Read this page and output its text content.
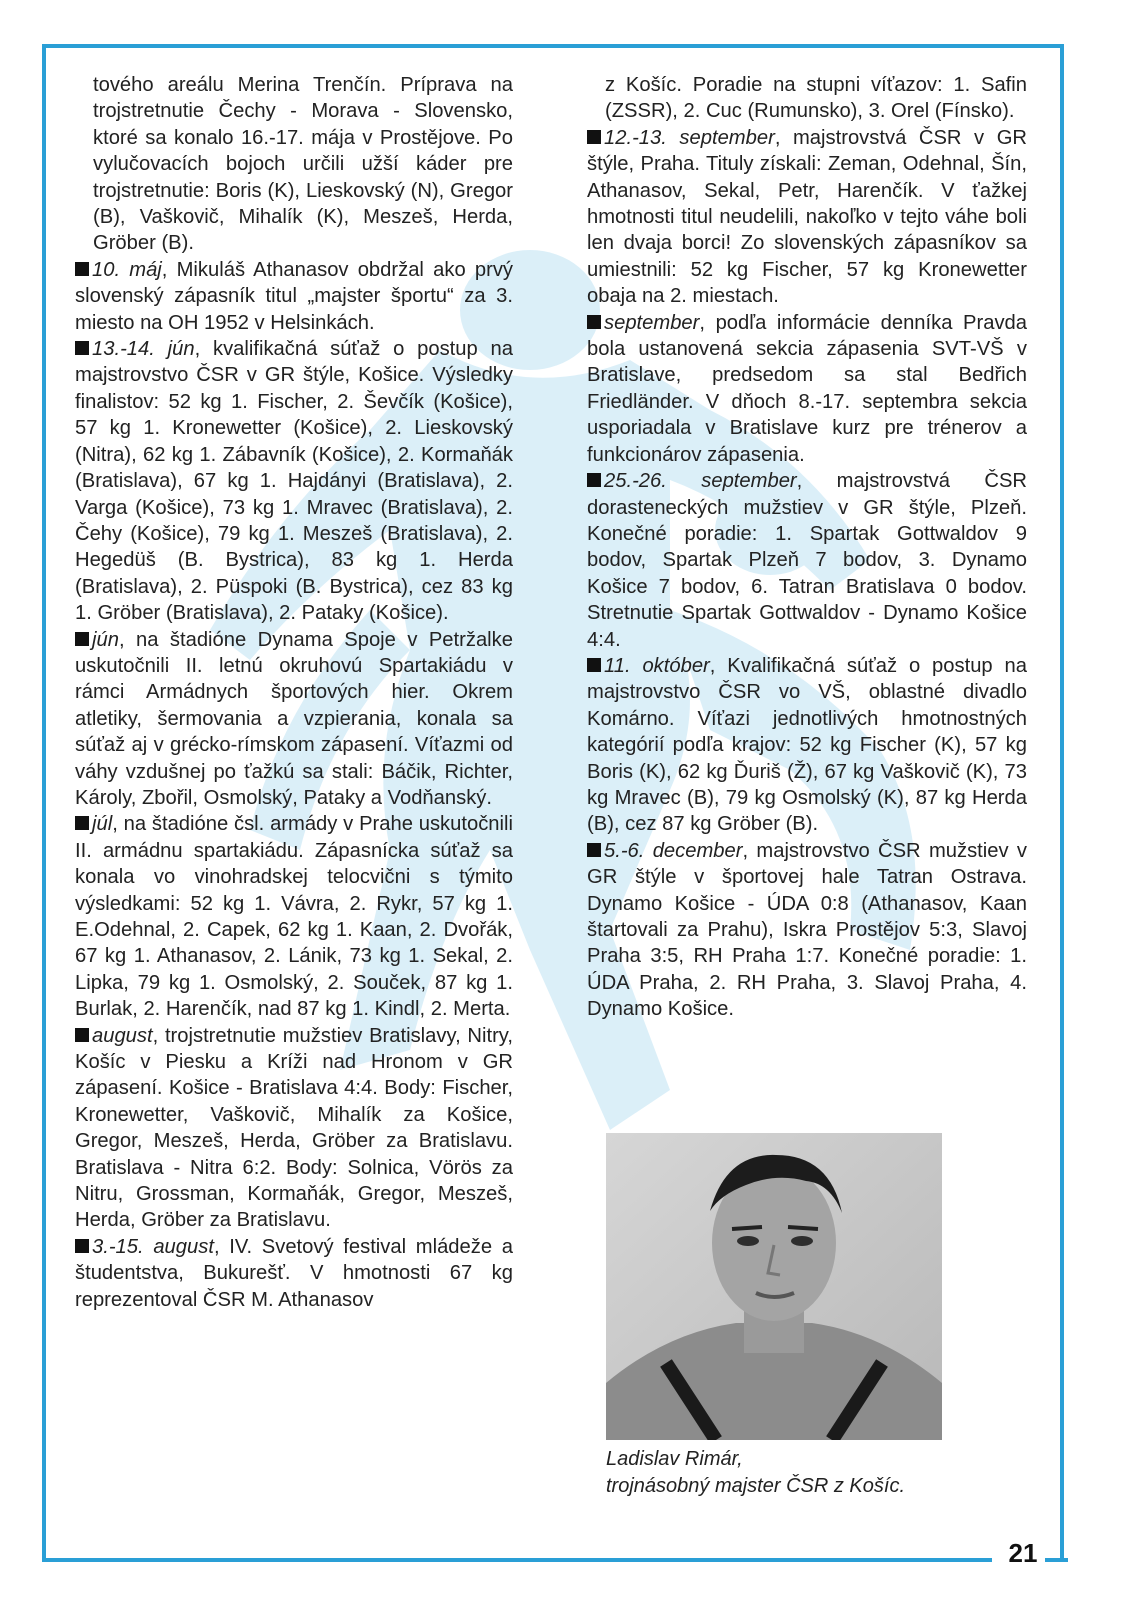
21

tového areálu Merina Trenčín. Príprava na trojstretnutie Čechy - Morava - Slovensko, ktoré sa konalo 16.-17. mája v Prostějove. Po vylučovacích bojoch určili užší káder pre trojstretnutie: Boris (K), Lieskovský (N), Gregor (B), Vaškovič, Mihalík (K), Meszeš, Herda, Gröber (B).

10. máj, Mikuláš Athanasov obdržal ako prvý slovenský zápasník titul „majster športu“ za 3. miesto na OH 1952 v Helsinkách.

13.-14. jún, kvalifikačná súťaž o postup na majstrovstvo ČSR v GR štýle, Košice. Výsledky finalistov: 52 kg 1. Fischer, 2. Ševčík (Košice), 57 kg 1. Kronewetter (Košice), 2. Lieskovský (Nitra), 62 kg 1. Zábavník (Košice), 2. Kormaňák (Bratislava), 67 kg 1. Hajdányi (Bratislava), 2. Varga (Košice), 73 kg 1. Mravec (Bratislava), 2. Čehy (Košice), 79 kg 1. Meszeš (Bratislava), 2. Hegedüš (B. Bystrica), 83 kg 1. Herda (Bratislava), 2. Püspoki (B. Bystrica), cez 83 kg 1. Gröber (Bratislava), 2. Pataky (Košice).

jún, na štadióne Dynama Spoje v Petržalke uskutočnili II. letnú okruhovú Spartakiádu v rámci Armádnych športových hier. Okrem atletiky, šermovania a vzpierania, konala sa súťaž aj v grécko-rímskom zápasení. Víťazmi od váhy vzdušnej po ťažkú sa stali: Báčik, Richter, Károly, Zbořil, Osmolský, Pataky a Vodňanský.

júl, na štadióne čsl. armády v Prahe uskutočnili II. armádnu spartakiádu. Zápasnícka súťaž sa konala vo vinohradskej telocvični s týmito výsledkami: 52 kg 1. Vávra, 2. Rykr, 57 kg 1. E.Odehnal, 2. Capek, 62 kg 1. Kaan, 2. Dvořák, 67 kg 1. Athanasov, 2. Lánik, 73 kg 1. Sekal, 2. Lipka, 79 kg 1. Osmolský, 2. Souček, 87 kg 1. Burlak, 2. Harenčík, nad 87 kg 1. Kindl, 2. Merta.

august, trojstretnutie mužstiev Bratislavy, Nitry, Košíc v Piesku a Kríži nad Hronom v GR zápasení. Košice - Bratislava 4:4. Body: Fischer, Kronewetter, Vaškovič, Mihalík za Košice, Gregor, Meszeš, Herda, Gröber za Bratislavu. Bratislava - Nitra 6:2. Body: Solnica, Vörös za Nitru, Grossman, Kormaňák, Gregor, Meszeš, Herda, Gröber za Bratislavu.

3.-15. august, IV. Svetový festival mládeže a študentstva, Bukurešť. V hmotnosti 67 kg reprezentoval ČSR M. Athanasov

z Košíc. Poradie na stupni víťazov: 1. Safin (ZSSR), 2. Cuc (Rumunsko), 3. Orel (Fínsko).

12.-13. september, majstrovstvá ČSR v GR štýle, Praha. Tituly získali: Zeman, Odehnal, Šín, Athanasov, Sekal, Petr, Harenčík. V ťažkej hmotnosti titul neudelili, nakoľko v tejto váhe boli len dvaja borci! Zo slovenských zápasníkov sa umiestnili: 52 kg Fischer, 57 kg Kronewetter obaja na 2. miestach.

september, podľa informácie denníka Pravda bola ustanovená sekcia zápasenia SVT-VŠ v Bratislave, predsedom sa stal Bedřich Friedländer. V dňoch 8.-17. septembra sekcia usporiadala v Bratislave kurz pre trénerov a funkcionárov zápasenia.

25.-26. september, majstrovstvá ČSR dorasteneckých mužstiev v GR štýle, Plzeň. Konečné poradie: 1. Spartak Gottwaldov 9 bodov, Spartak Plzeň 7 bodov, 3. Dynamo Košice 7 bodov, 6. Tatran Bratislava 0 bodov. Stretnutie Spartak Gottwaldov - Dynamo Košice 4:4.

11. október, Kvalifikačná súťaž o postup na majstrovstvo ČSR vo VŠ, oblastné divadlo Komárno. Víťazi jednotlivých hmotnostných kategórií podľa krajov: 52 kg Fischer (K), 57 kg Boris (K), 62 kg Ďuriš (Ž), 67 kg Vaškovič (K), 73 kg Mravec (B), 79 kg Osmolský (K), 87 kg Herda (B), cez 87 kg Gröber (B).

5.-6. december, majstrovstvo ČSR mužstiev v GR štýle v športovej hale Tatran Ostrava. Dynamo Košice - ÚDA 0:8 (Athanasov, Kaan štartovali za Prahu), Iskra Prostějov 5:3, Slavoj Praha 3:5, RH Praha 1:7. Konečné poradie: 1. ÚDA Praha, 2. RH Praha, 3. Slavoj Praha, 4. Dynamo Košice.

Ladislav Rimár,
trojnásobný majster ČSR z Košíc.
